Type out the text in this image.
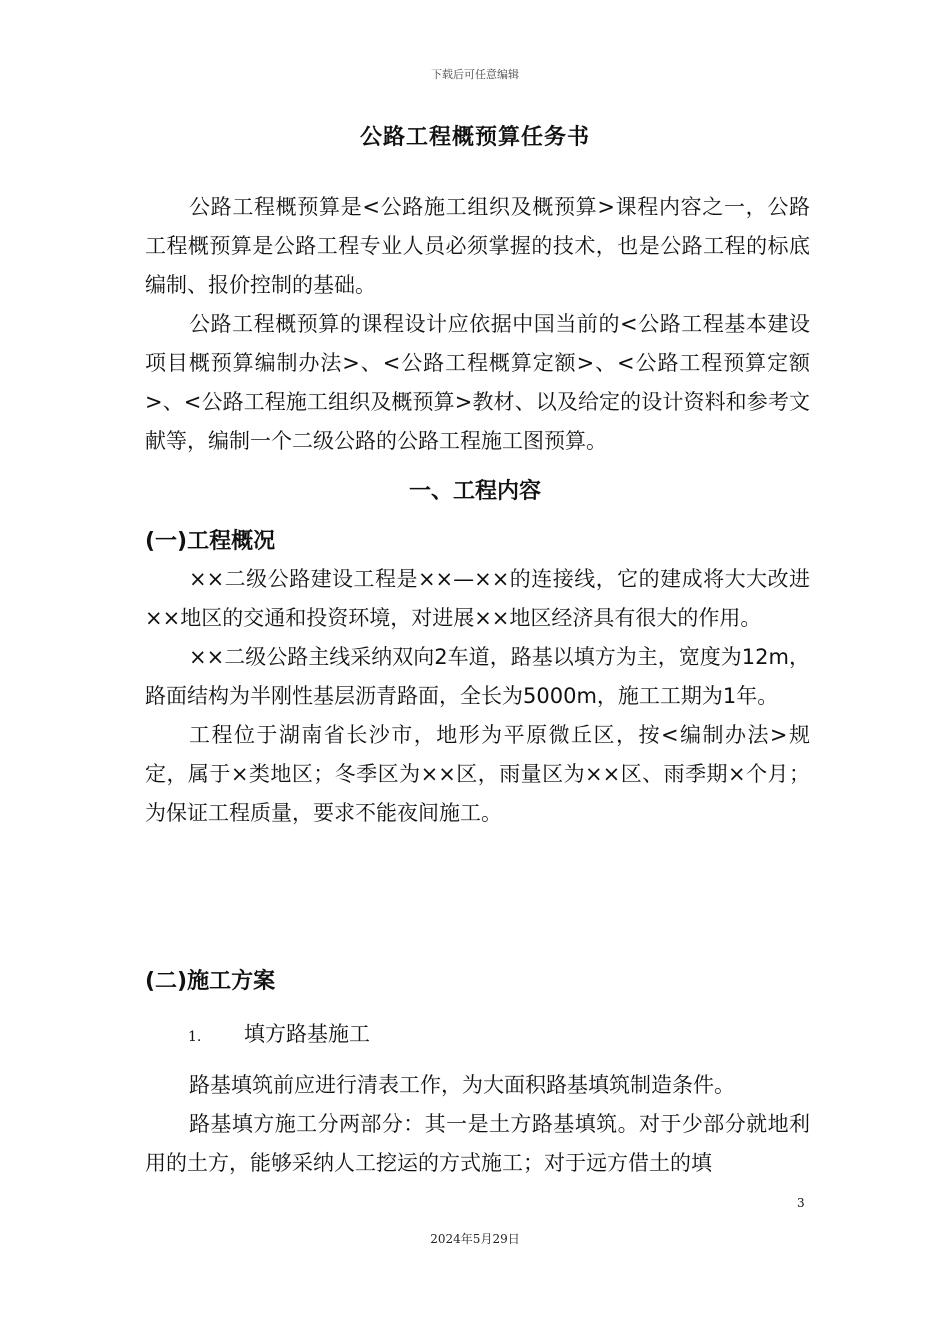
下载后可任意编辑
公路工程概预算任务书

公路工程概预算是<公路施工组织及概预算>课程内容之一，公路工程概预算是公路工程专业人员必须掌握的技术，也是公路工程的标底编制、报价控制的基础。

公路工程概预算的课程设计应依据中国当前的<公路工程基本建设项目概预算编制办法>、<公路工程概算定额>、<公路工程预算定额>、<公路工程施工组织及概预算>教材、以及给定的设计资料和参考文献等，编制一个二级公路的公路工程施工图预算。

一、工程内容
(一)工程概况

××二级公路建设工程是××—××的连接线，它的建成将大大改进××地区的交通和投资环境，对进展××地区经济具有很大的作用。

××二级公路主线采纳双向2车道，路基以填方为主，宽度为12m，路面结构为半刚性基层沥青路面，全长为5000m，施工工期为1年。

工程位于湖南省长沙市，地形为平原微丘区，按<编制办法>规定，属于×类地区；冬季区为××区，雨量区为××区、雨季期×个月；为保证工程质量，要求不能夜间施工。

(二)施工方案
1. 填方路基施工

路基填筑前应进行清表工作，为大面积路基填筑制造条件。

路基填方施工分两部分：其一是土方路基填筑。对于少部分就地利用的土方，能够采纳人工挖运的方式施工；对于远方借土的填

3
2024年5月29日
